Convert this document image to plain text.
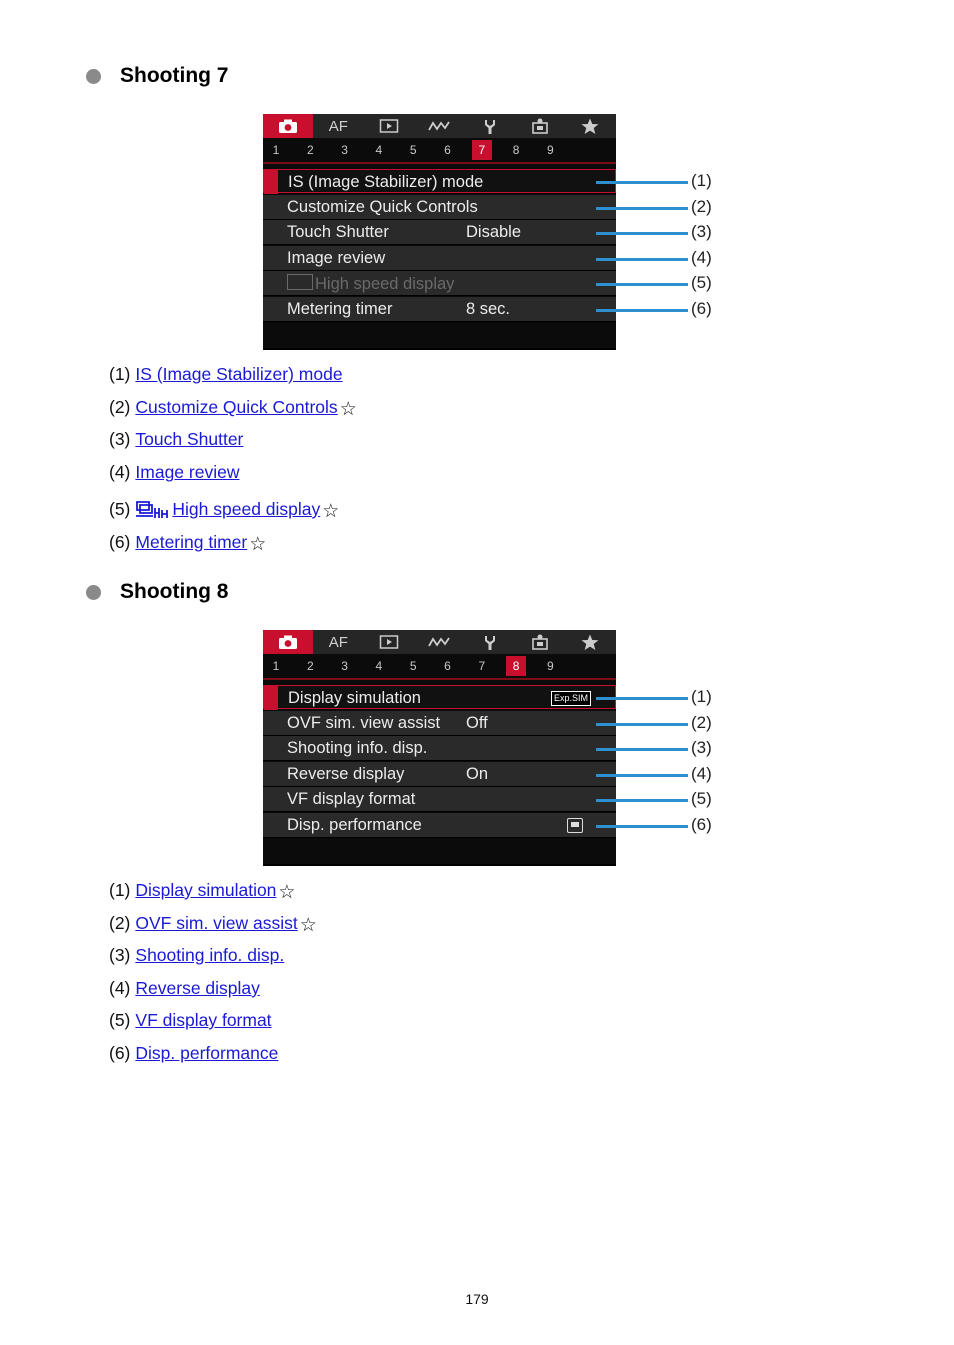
Shooting 7
AF
1	2	3	4	5	6	7	8	9
IS (Image Stabilizer) mode
Customize Quick Controls
Touch Shutter	Disable
Image review
High speed display
Metering timer	8 sec.
(1)
(2)
(3)
(4)
(5)
(6)
(1) IS (Image Stabilizer) mode
(2) Customize Quick Controls ☆
(3) Touch Shutter
(4) Image review
(5)	High speed display ☆
(6) Metering timer ☆
Shooting 8
AF
1	2	3	4	5	6	7	8	9
Display simulation	Exp.SIM
OVF sim. view assist Off
Shooting info. disp.
Reverse display	On
VF display format
Disp. performance
(1)
(2)
(3)
(4)
(5)
(6)
(1) Display simulation ☆
(2) OVF sim. view assist ☆
(3) Shooting info. disp.
(4) Reverse display
(5) VF display format
(6) Disp. performance
179
